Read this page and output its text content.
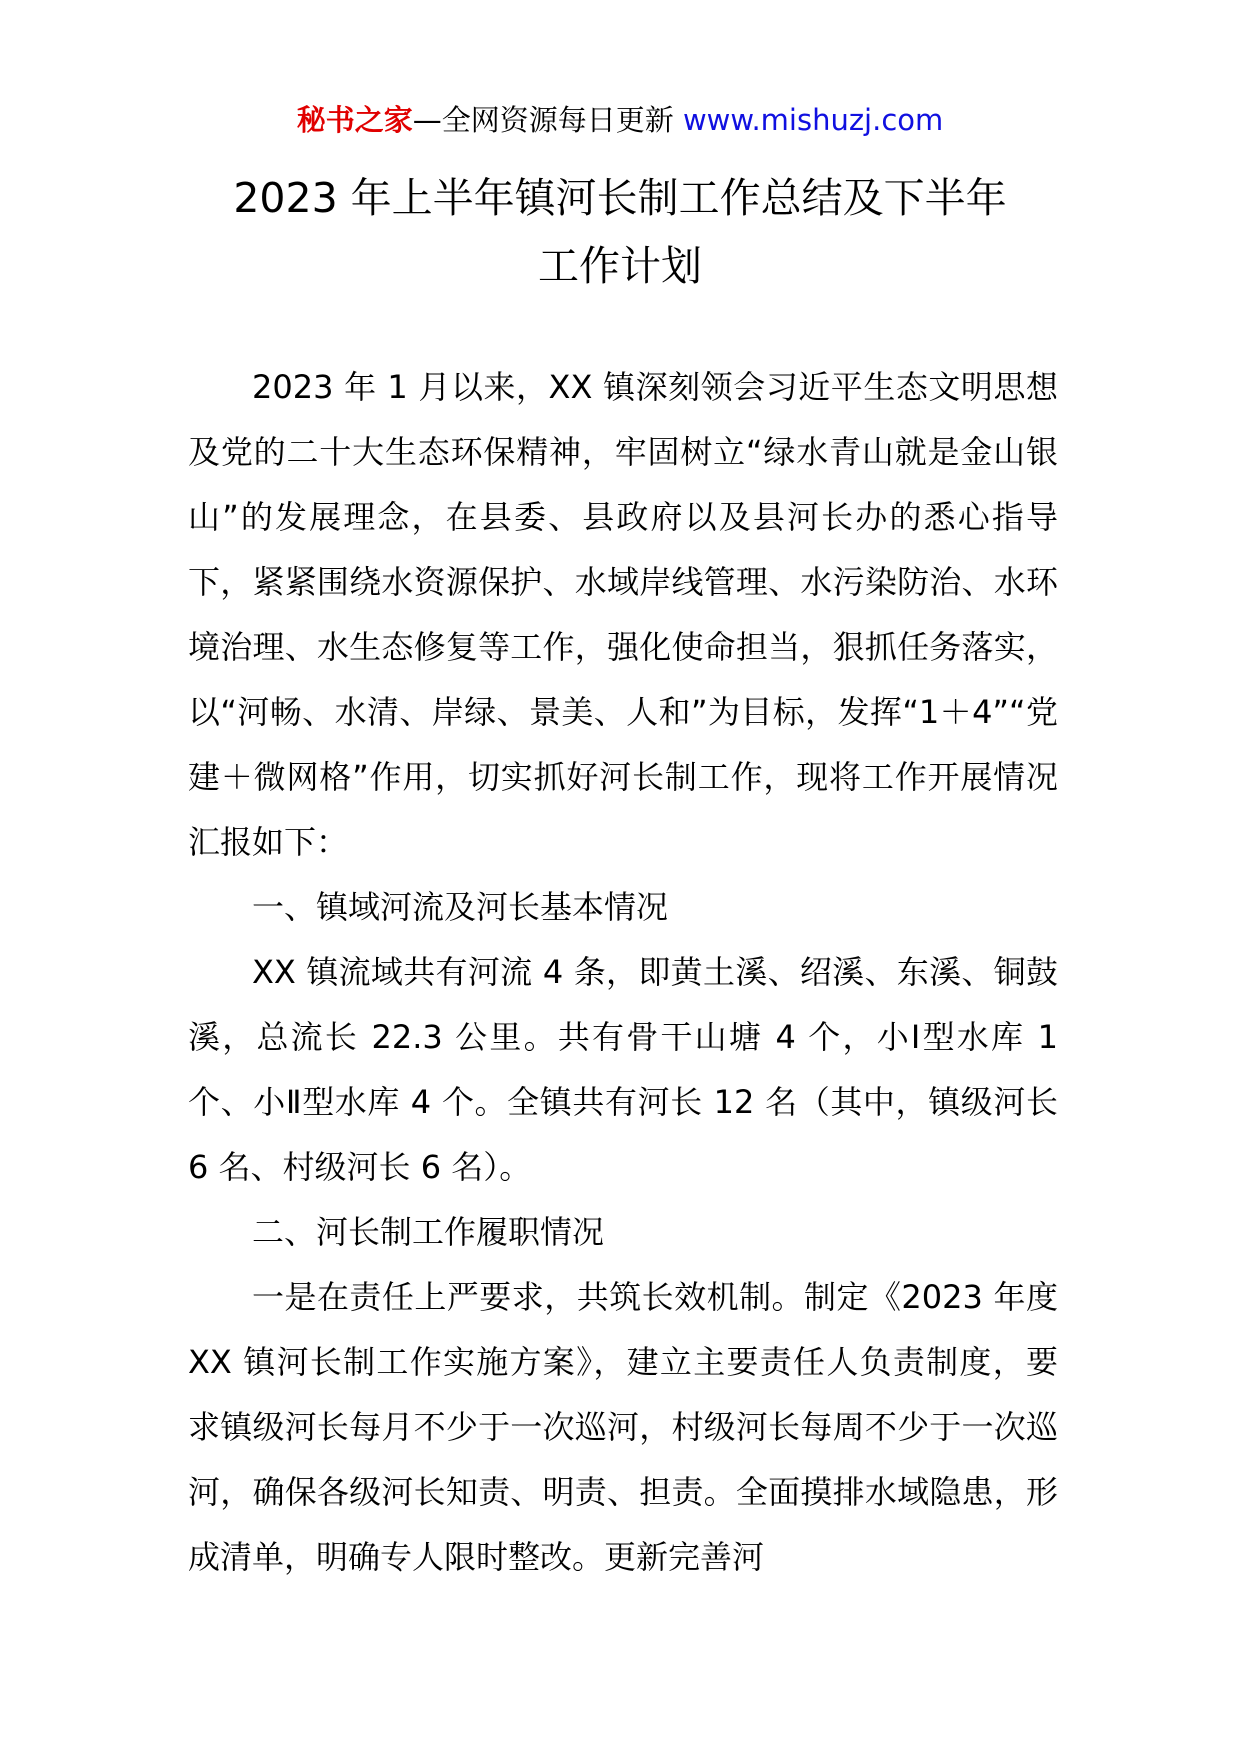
秘书之家—全网资源每日更新 www.mishuzj.com
2023 年上半年镇河长制工作总结及下半年
工作计划

2023 年 1 月以来，XX 镇深刻领会习近平生态文明思想及党的二十大生态环保精神，牢固树立“绿水青山就是金山银山”的发展理念，在县委、县政府以及县河长办的悉心指导下，紧紧围绕水资源保护、水域岸线管理、水污染防治、水环境治理、水生态修复等工作，强化使命担当，狠抓任务落实，以“河畅、水清、岸绿、景美、人和”为目标，发挥“1＋4”“党建＋微网格”作用，切实抓好河长制工作，现将工作开展情况汇报如下：

一、镇域河流及河长基本情况

XX 镇流域共有河流 4 条，即黄土溪、绍溪、东溪、铜鼓溪，总流长 22.3 公里。共有骨干山塘 4 个，小Ⅰ型水库 1 个、小Ⅱ型水库 4 个。全镇共有河长 12 名（其中，镇级河长 6 名、村级河长 6 名）。

二、河长制工作履职情况

一是在责任上严要求，共筑长效机制。制定《2023 年度 XX 镇河长制工作实施方案》，建立主要责任人负责制度，要求镇级河长每月不少于一次巡河，村级河长每周不少于一次巡河，确保各级河长知责、明责、担责。全面摸排水域隐患，形成清单，明确专人限时整改。更新完善河
